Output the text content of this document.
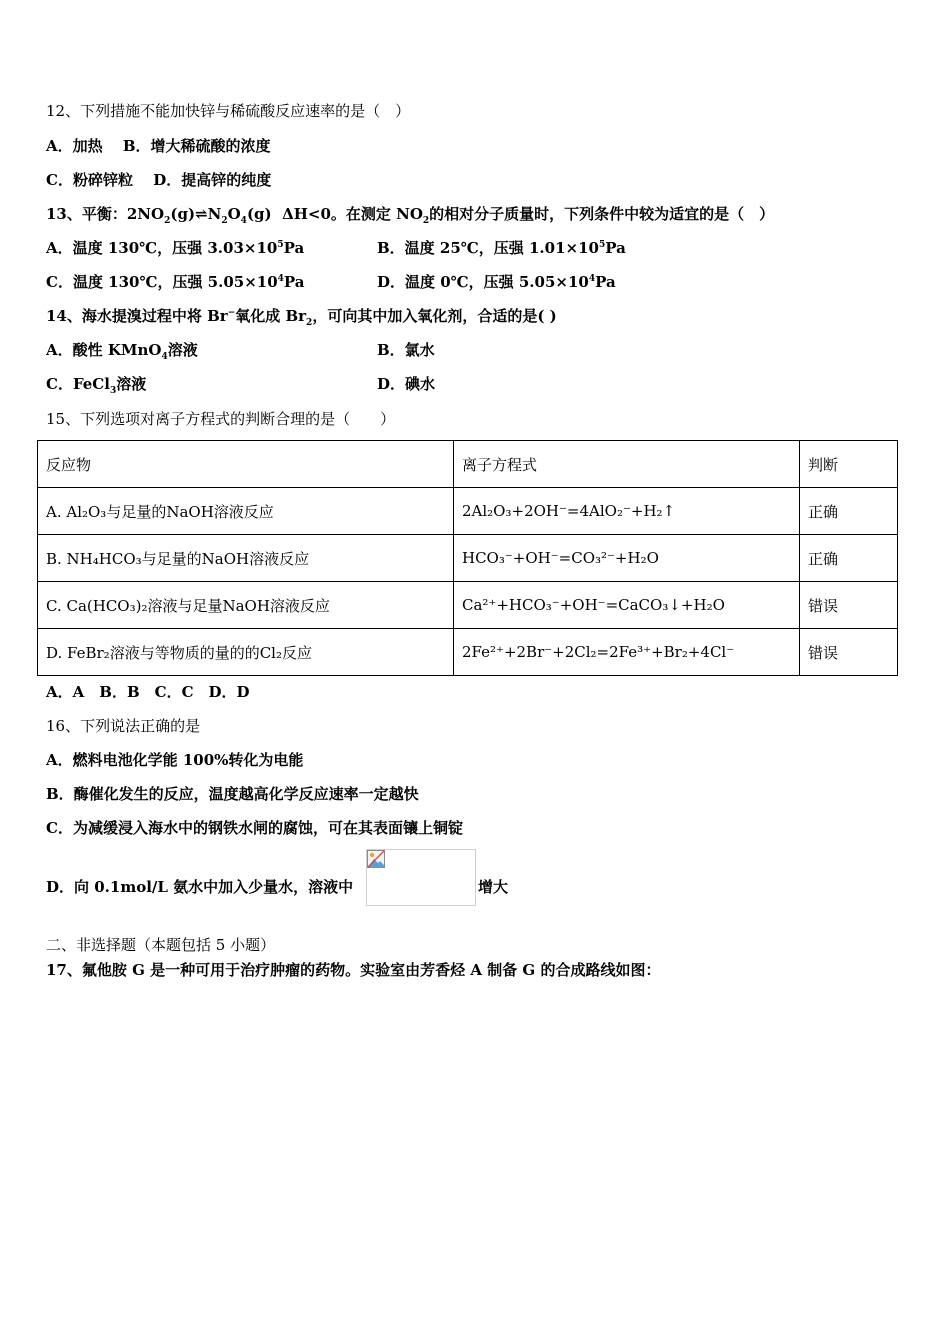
12、下列措施不能加快锌与稀硫酸反应速率的是（　）
A．加热　 B．增大稀硫酸的浓度
C．粉碎锌粒　 D．提高锌的纯度
13、平衡：$2NO_2(g)\rightleftharpoons N_2O_4(g)$ ΔH<0。在测定 $NO_2$的相对分子质量时，下列条件中较为适宜的是（　）
A．温度 130℃，压强 $3.03\times 10^5Pa$	B．温度 25℃，压强 $1.01\times 10^5Pa$
C．温度 130℃，压强 $5.05\times 10^4Pa$	D．温度 0℃，压强 $5.05\times 10^4Pa$
14、海水提溴过程中将 Br−氧化成 $Br_2$，可向其中加入氧化剂，合适的是( )
A．酸性 KMnO$_4$溶液	B．氯水
C．FeCl$_3$溶液	D．碘水
15、下列选项对离子方程式的判断合理的是（　　）
反应物	离子方程式	判断
A. Al₂O₃与足量的NaOH溶液反应	2Al₂O₃+2OH⁻=4AlO₂⁻+H₂↑	正确
B. NH₄HCO₃与足量的NaOH溶液反应	HCO₃⁻+OH⁻=CO₃²⁻+H₂O	正确
C. Ca(HCO₃)₂溶液与足量NaOH溶液反应	Ca²⁺+HCO₃⁻+OH⁻=CaCO₃↓+H₂O	错误
D. FeBr₂溶液与等物质的量的的Cl₂反应	2Fe²⁺+2Br⁻+2Cl₂=2Fe³⁺+Br₂+4Cl⁻	错误
A．A　B．B　C．C　D．D
16、下列说法正确的是
A．燃料电池化学能 100%转化为电能
B．酶催化发生的反应，温度越高化学反应速率一定越快
C．为减缓浸入海水中的钢铁水闸的腐蚀，可在其表面镶上铜锭
D．向 0.1mol/L 氨水中加入少量水，溶液中	增大
二、非选择题（本题包括 5 小题）
17、氟他胺 G 是一种可用于治疗肿瘤的药物。实验室由芳香烃 A 制备 G 的合成路线如图：
